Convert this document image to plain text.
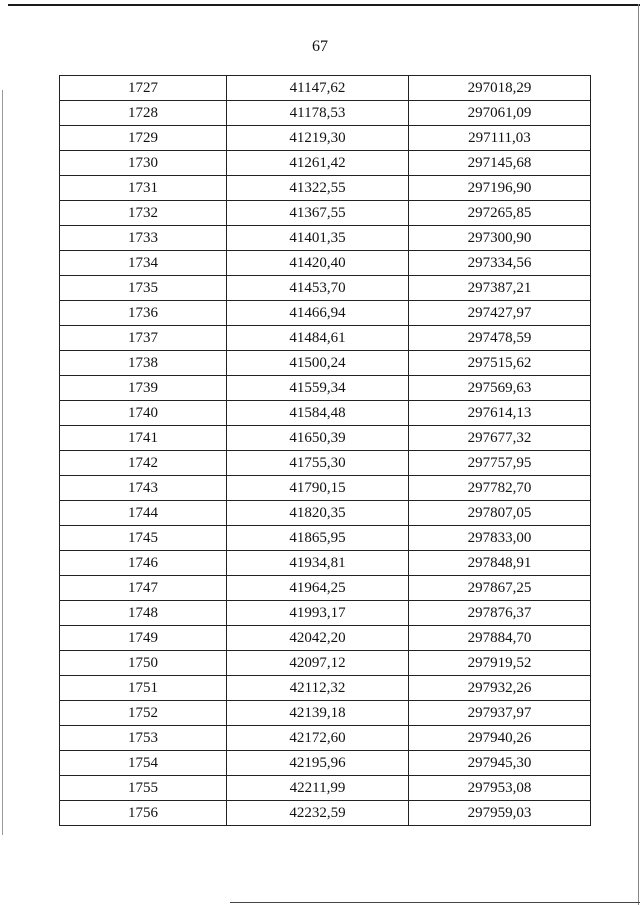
67
1727	41147,62	297018,29
1728	41178,53	297061,09
1729	41219,30	297111,03
1730	41261,42	297145,68
1731	41322,55	297196,90
1732	41367,55	297265,85
1733	41401,35	297300,90
1734	41420,40	297334,56
1735	41453,70	297387,21
1736	41466,94	297427,97
1737	41484,61	297478,59
1738	41500,24	297515,62
1739	41559,34	297569,63
1740	41584,48	297614,13
1741	41650,39	297677,32
1742	41755,30	297757,95
1743	41790,15	297782,70
1744	41820,35	297807,05
1745	41865,95	297833,00
1746	41934,81	297848,91
1747	41964,25	297867,25
1748	41993,17	297876,37
1749	42042,20	297884,70
1750	42097,12	297919,52
1751	42112,32	297932,26
1752	42139,18	297937,97
1753	42172,60	297940,26
1754	42195,96	297945,30
1755	42211,99	297953,08
1756	42232,59	297959,03
